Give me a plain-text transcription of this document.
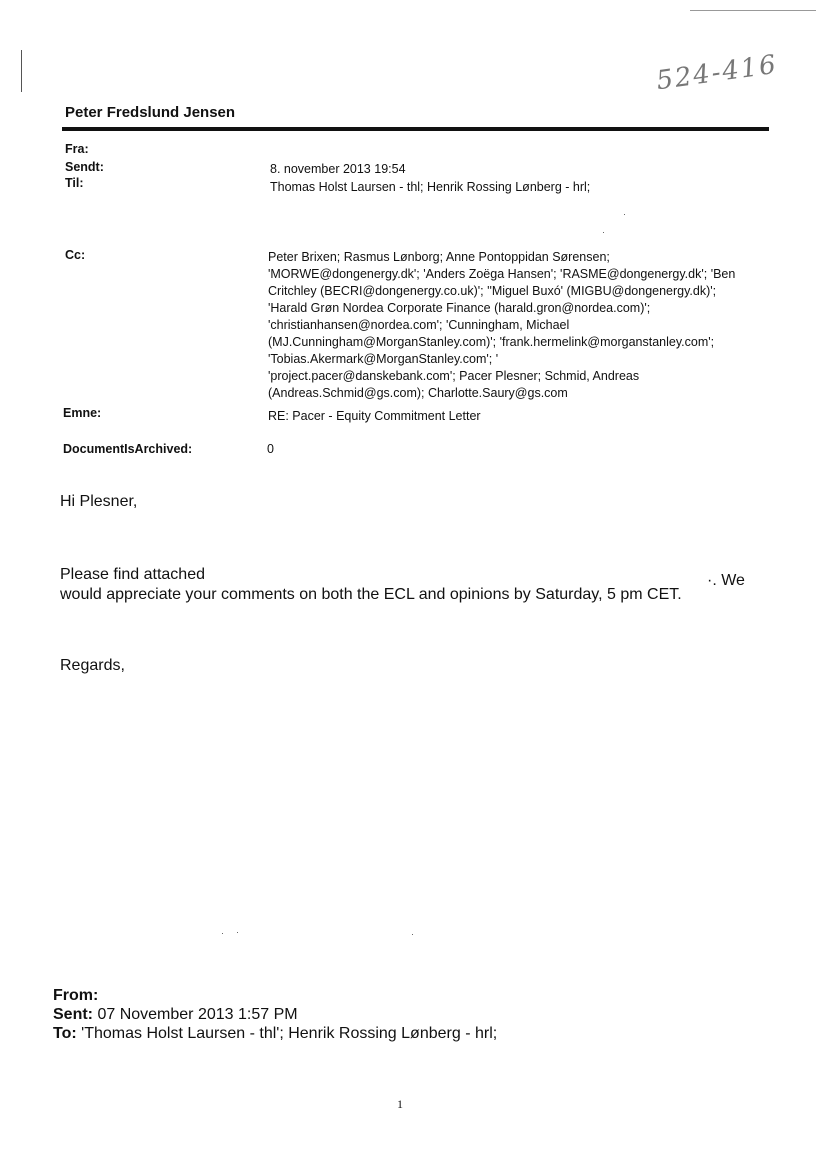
524-416
Peter Fredslund Jensen
Fra:
Sendt:	8. november 2013 19:54
Til:	Thomas Holst Laursen - thl; Henrik Rossing Lønberg - hrl;
Cc:	Peter Brixen; Rasmus Lønborg; Anne Pontoppidan Sørensen;
'MORWE@dongenergy.dk'; 'Anders Zoëga Hansen'; 'RASME@dongenergy.dk'; 'Ben
Critchley (BECRI@dongenergy.co.uk)'; ''Miguel Buxó' (MIGBU@dongenergy.dk)';
'Harald Grøn Nordea Corporate Finance (harald.gron@nordea.com)';
'christianhansen@nordea.com'; 'Cunningham, Michael
(MJ.Cunningham@MorganStanley.com)'; 'frank.hermelink@morganstanley.com';
'Tobias.Akermark@MorganStanley.com'; '
'project.pacer@danskebank.com'; Pacer Plesner; Schmid, Andreas
(Andreas.Schmid@gs.com); Charlotte.Saury@gs.com
Emne:	RE: Pacer - Equity Commitment Letter
DocumentIsArchived:	0
Hi Plesner,
Please find attached	·. We
would appreciate your comments on both the ECL and opinions by Saturday, 5 pm CET.
Regards,
From:
Sent: 07 November 2013 1:57 PM
To: 'Thomas Holst Laursen - thl'; Henrik Rossing Lønberg - hrl;
1
